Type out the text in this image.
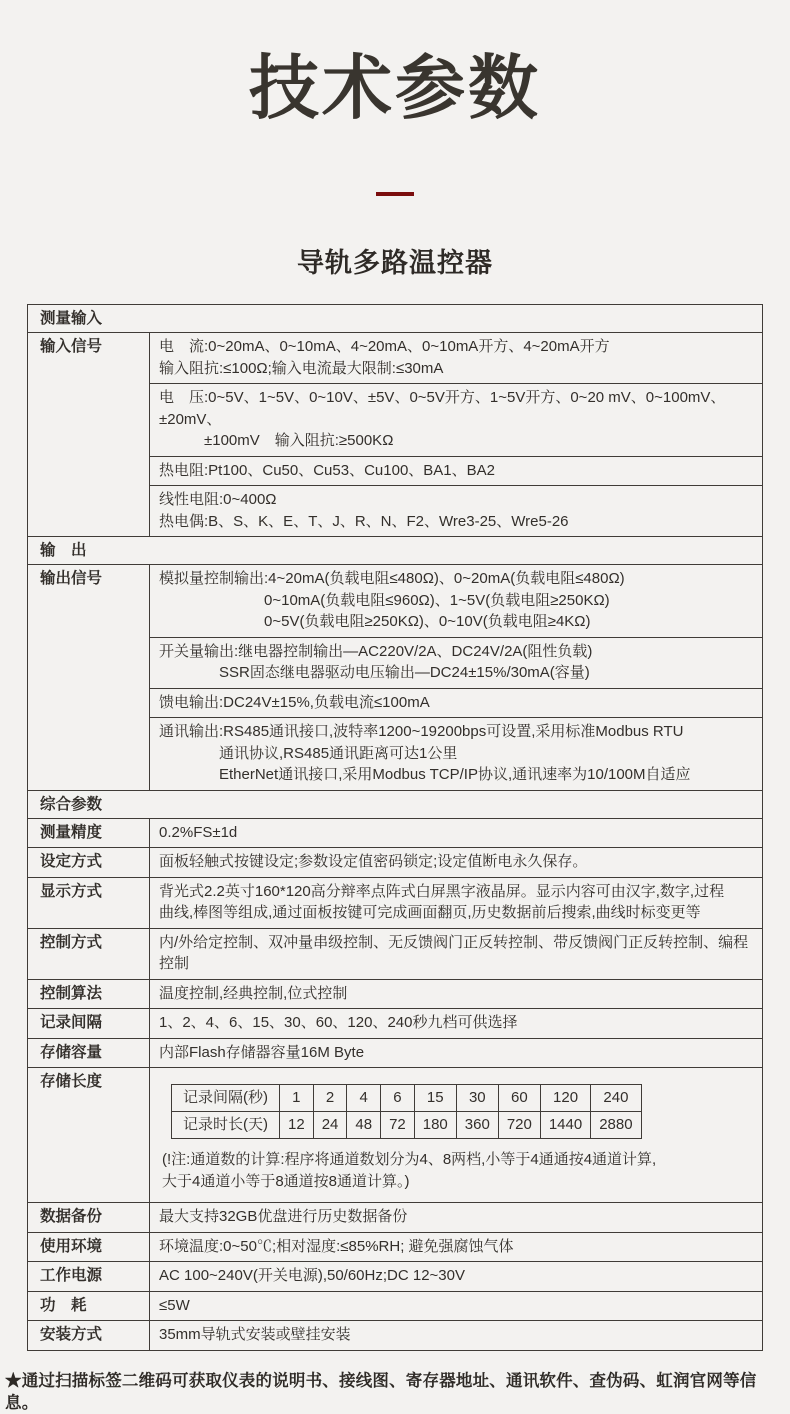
技术参数
导轨多路温控器
测量输入
输入信号	电　流:0~20mA、0~10mA、4~20mA、0~10mA开方、4~20mA开方
输入阻抗:≤100Ω;输入电流最大限制:≤30mA
电　压:0~5V、1~5V、0~10V、±5V、0~5V开方、1~5V开方、0~20 mV、0~100mV、±20mV、
　　　±100mV　输入阻抗:≥500KΩ
热电阻:Pt100、Cu50、Cu53、Cu100、BA1、BA2
线性电阻:0~400Ω
热电偶:B、S、K、E、T、J、R、N、F2、Wre3-25、Wre5-26
输　出
输出信号	模拟量控制输出:4~20mA(负载电阻≤480Ω)、0~20mA(负载电阻≤480Ω)
　　　　　　　0~10mA(负载电阻≤960Ω)、1~5V(负载电阻≥250KΩ)
　　　　　　　0~5V(负载电阻≥250KΩ)、0~10V(负载电阻≥4KΩ)
开关量输出:继电器控制输出—AC220V/2A、DC24V/2A(阻性负载)
　　　　SSR固态继电器驱动电压输出—DC24±15%/30mA(容量)
馈电输出:DC24V±15%,负载电流≤100mA
通讯输出:RS485通讯接口,波特率1200~19200bps可设置,采用标准Modbus RTU
　　　　通讯协议,RS485通讯距离可达1公里
　　　　EtherNet通讯接口,采用Modbus TCP/IP协议,通讯速率为10/100M自适应
综合参数
测量精度	0.2%FS±1d
设定方式	面板轻触式按键设定;参数设定值密码锁定;设定值断电永久保存。
显示方式	背光式2.2英寸160*120高分辩率点阵式白屏黑字液晶屏。显示内容可由汉字,数字,过程
曲线,棒图等组成,通过面板按键可完成画面翻页,历史数据前后搜索,曲线时标变更等
控制方式	内/外给定控制、双冲量串级控制、无反馈阀门正反转控制、带反馈阀门正反转控制、编程控制
控制算法	温度控制,经典控制,位式控制
记录间隔	1、2、4、6、15、30、60、120、240秒九档可供选择
存储容量	内部Flash存储器容量16M Byte
存储长度
记录间隔(秒)	1	2	4	6	15	30	60	120	240
记录时长(天)	12	24	48	72	180	360	720	1440	2880
(!注:通道数的计算:程序将通道数划分为4、8两档,小等于4通通按4通道计算,
大于4通道小等于8通道按8通道计算。)
数据备份	最大支持32GB优盘进行历史数据备份
使用环境	环境温度:0~50℃;相对湿度:≤85%RH; 避免强腐蚀气体
工作电源	AC 100~240V(开关电源),50/60Hz;DC 12~30V
功　耗	≤5W
安装方式	35mm导轨式安装或壁挂安装
★通过扫描标签二维码可获取仪表的说明书、接线图、寄存器地址、通讯软件、查伪码、虹润官网等信息。
